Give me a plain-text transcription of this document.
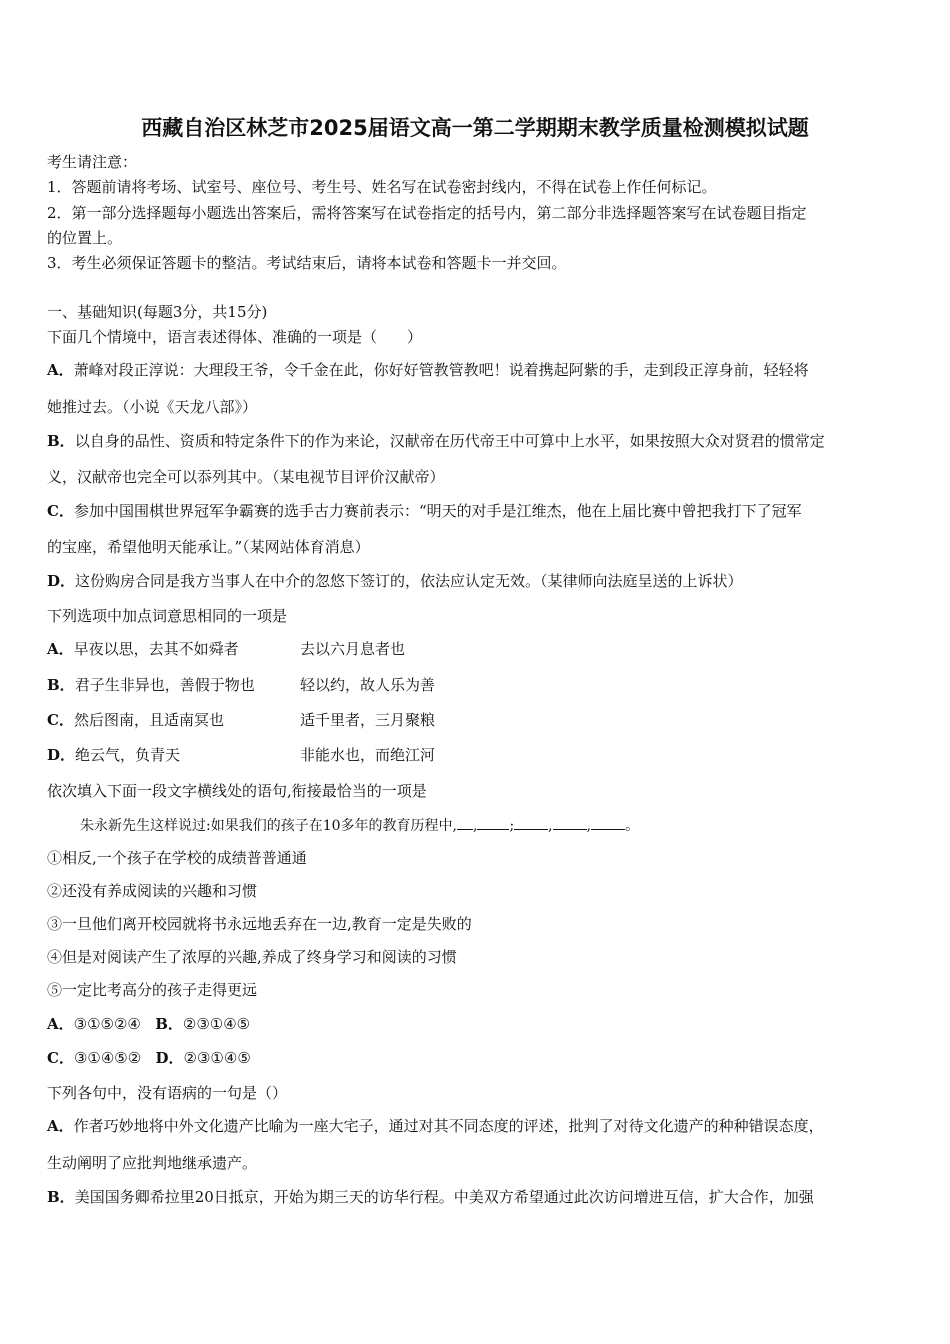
西藏自治区林芝市2025届语文高一第二学期期末教学质量检测模拟试题
考生请注意：
1．答题前请将考场、试室号、座位号、考生号、姓名写在试卷密封线内，不得在试卷上作任何标记。
2．第一部分选择题每小题选出答案后，需将答案写在试卷指定的括号内，第二部分非选择题答案写在试卷题目指定
的位置上。
3．考生必须保证答题卡的整洁。考试结束后，请将本试卷和答题卡一并交回。
一、基础知识(每题3分，共15分)
下面几个情境中，语言表述得体、准确的一项是（　　）
A．萧峰对段正淳说：大理段王爷，令千金在此，你好好管教管教吧！说着携起阿紫的手，走到段正淳身前，轻轻将
她推过去。（小说《天龙八部》）
B．以自身的品性、资质和特定条件下的作为来论，汉献帝在历代帝王中可算中上水平，如果按照大众对贤君的惯常定
义，汉献帝也完全可以忝列其中。（某电视节目评价汉献帝）
C．参加中国围棋世界冠军争霸赛的选手古力赛前表示：“明天的对手是江维杰，他在上届比赛中曾把我打下了冠军
的宝座，希望他明天能承让。”（某网站体育消息）
D．这份购房合同是我方当事人在中介的忽悠下签订的，依法应认定无效。（某律师向法庭呈送的上诉状）
下列选项中加点词意思相同的一项是
A．早夜以思，去其不如舜者	去以六月息者也
B．君子生非异也，善假于物也	轻以约，故人乐为善
C．然后图南，且适南冥也	适千里者，三月聚粮
D．绝云气，负青天	非能水也，而绝江河
依次填入下面一段文字横线处的语句,衔接最恰当的一项是
朱永新先生这样说过:如果我们的孩子在10多年的教育历程中, , ; , , 。
①相反,一个孩子在学校的成绩普普通通
②还没有养成阅读的兴趣和习惯
③一旦他们离开校园就将书永远地丢弃在一边,教育一定是失败的
④但是对阅读产生了浓厚的兴趣,养成了终身学习和阅读的习惯
⑤一定比考高分的孩子走得更远
A．③①⑤②④ B．②③①④⑤
C．③①④⑤② D．②③①④⑤
下列各句中，没有语病的一句是（）
A．作者巧妙地将中外文化遗产比喻为一座大宅子，通过对其不同态度的评述，批判了对待文化遗产的种种错误态度，
生动阐明了应批判地继承遗产。
B．美国国务卿希拉里20日抵京，开始为期三天的访华行程。中美双方希望通过此次访问增进互信，扩大合作，加强
